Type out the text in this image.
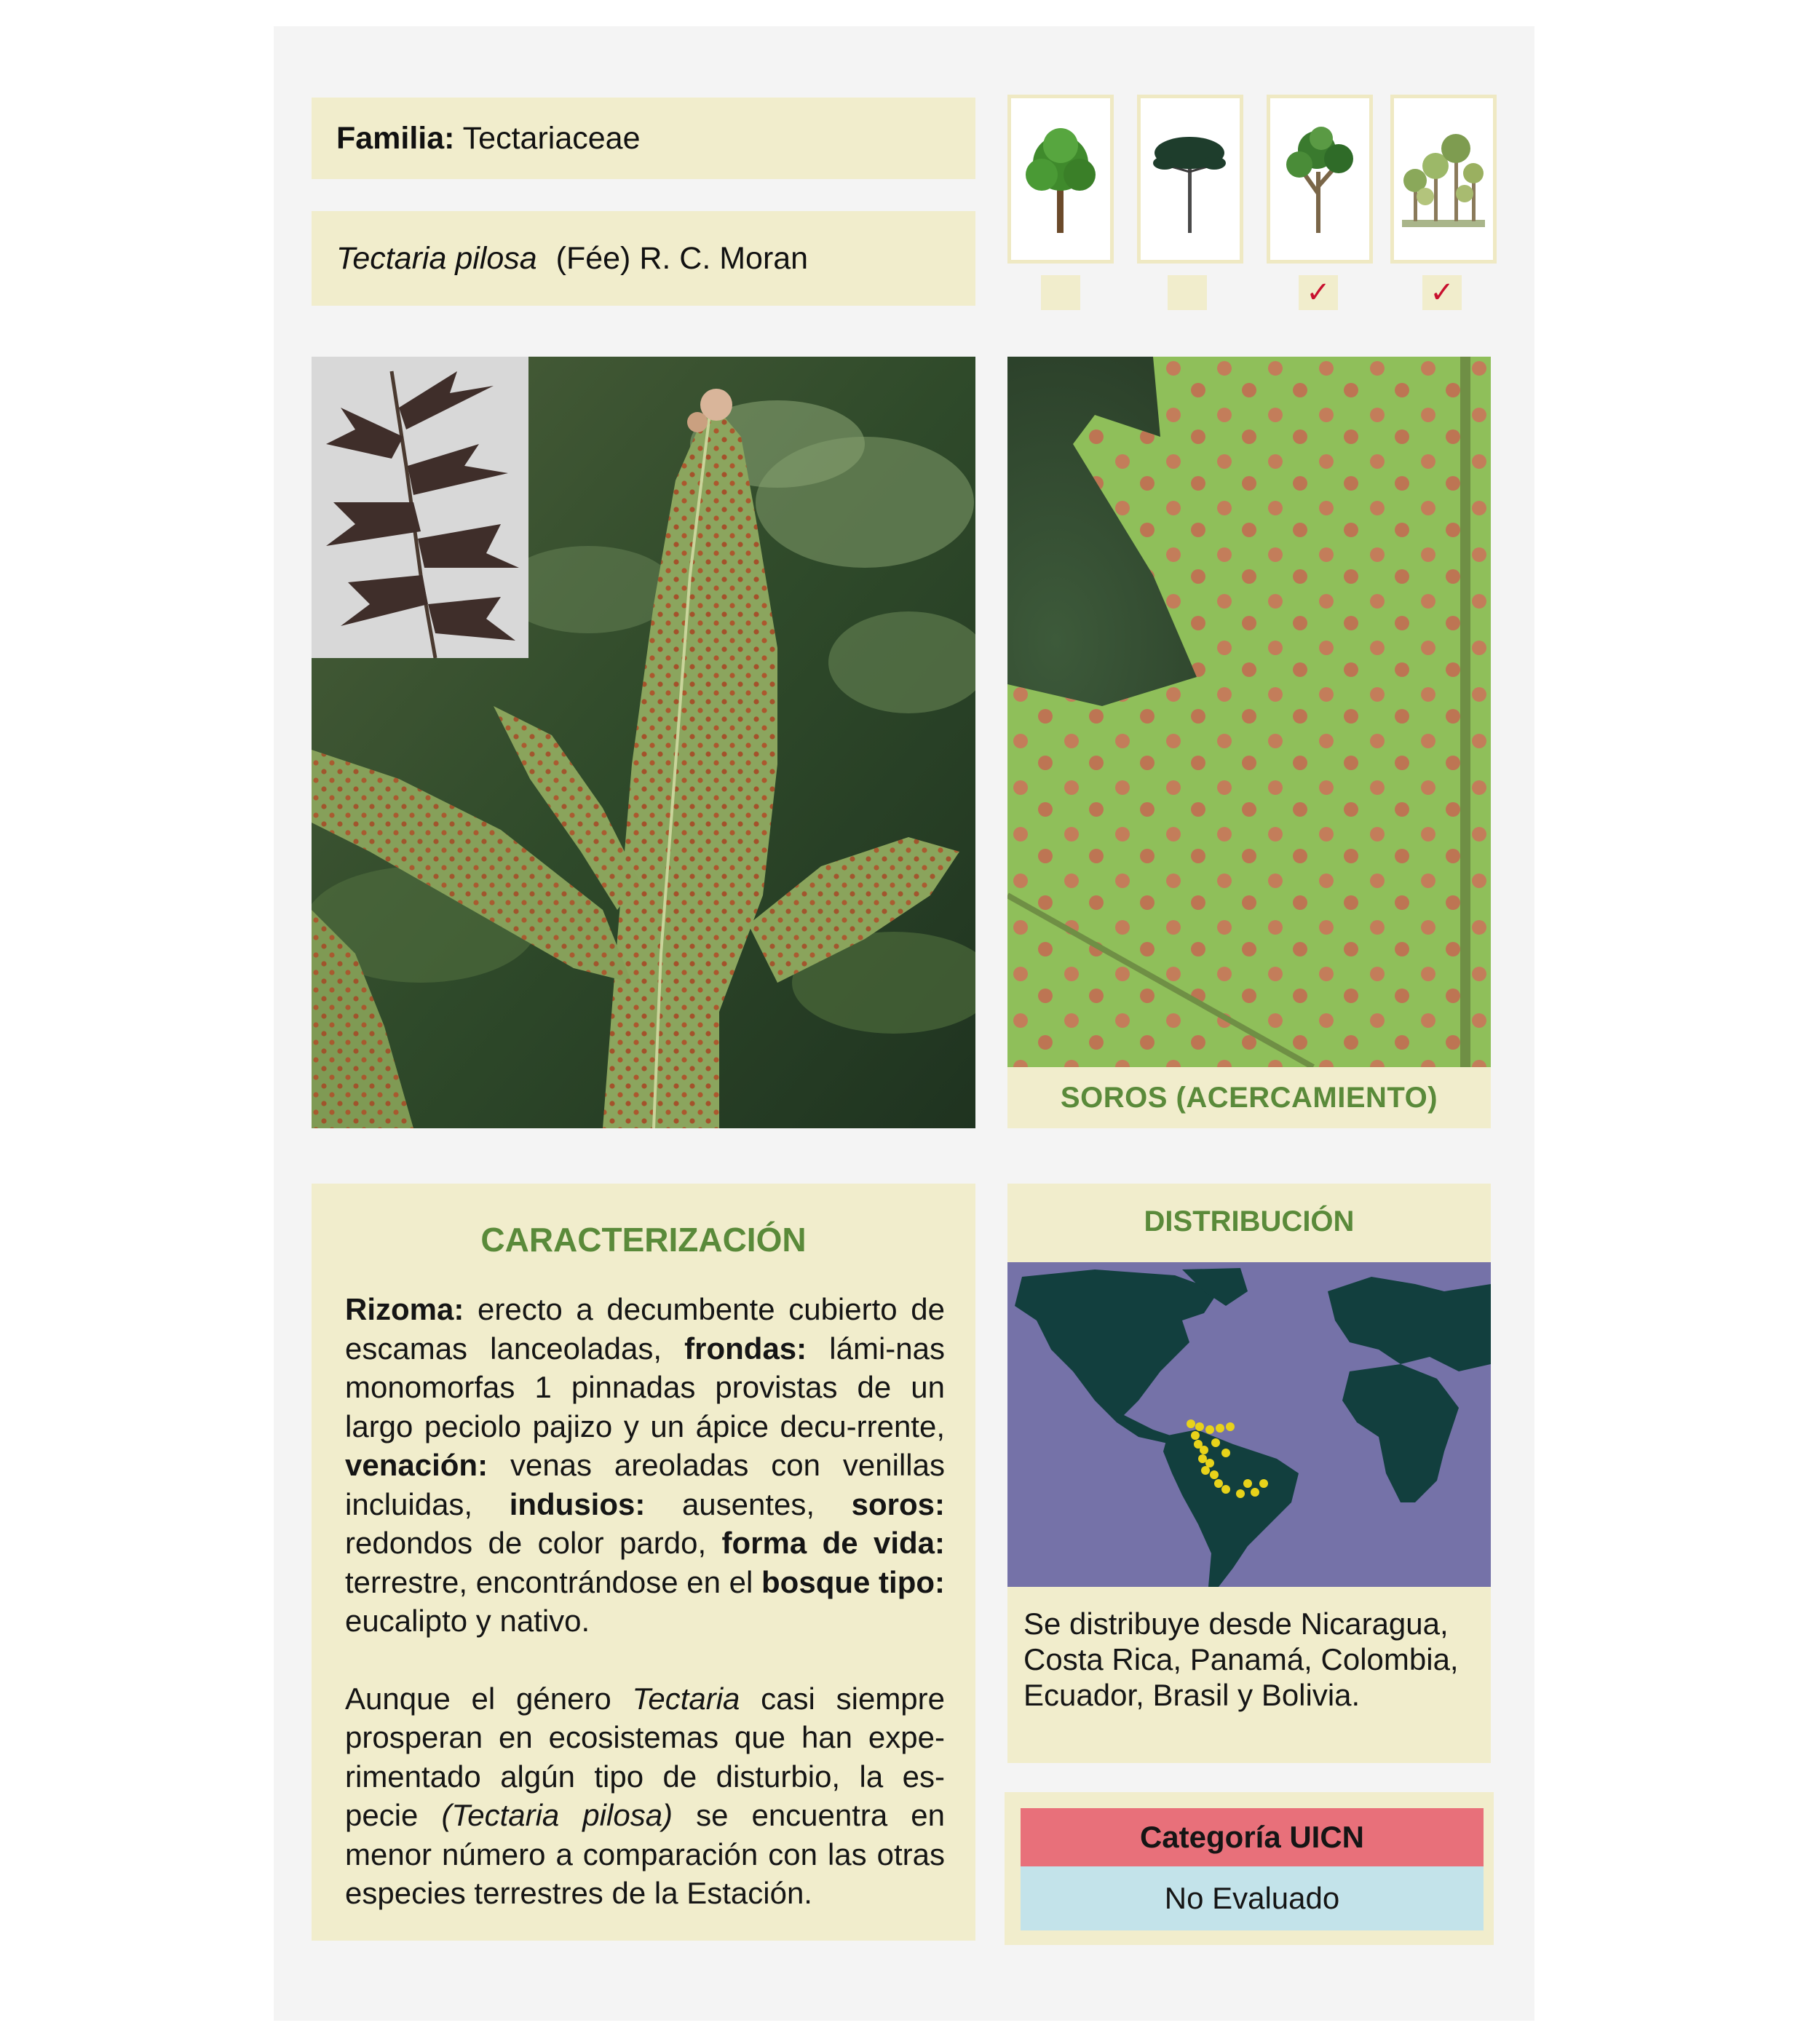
Familia: Tectariaceae
Tectaria pilosa (Fée) R. C. Moran
✓	✓
SOROS (ACERCAMIENTO)
CARACTERIZACIÓN

Rizoma: erecto a decumbente cubierto de escamas lanceoladas, frondas: lámi-nas monomorfas 1 pinnadas provistas de un largo peciolo pajizo y un ápice decu-rrente, venación: venas areoladas con venillas incluidas, indusios: ausentes, soros: redondos de color pardo, forma de vida: terrestre, encontrándose en el bosque tipo: eucalipto y nativo.

Aunque el género Tectaria casi siempre prosperan en ecosistemas que han expe-rimentado algún tipo de disturbio, la es-pecie (Tectaria pilosa) se encuentra en menor número a comparación con las otras especies terrestres de la Estación.

DISTRIBUCIÓN
Se distribuye desde Nicaragua, Costa Rica, Panamá, Colombia, Ecuador, Brasil y Bolivia.
Categoría UICN
No Evaluado
